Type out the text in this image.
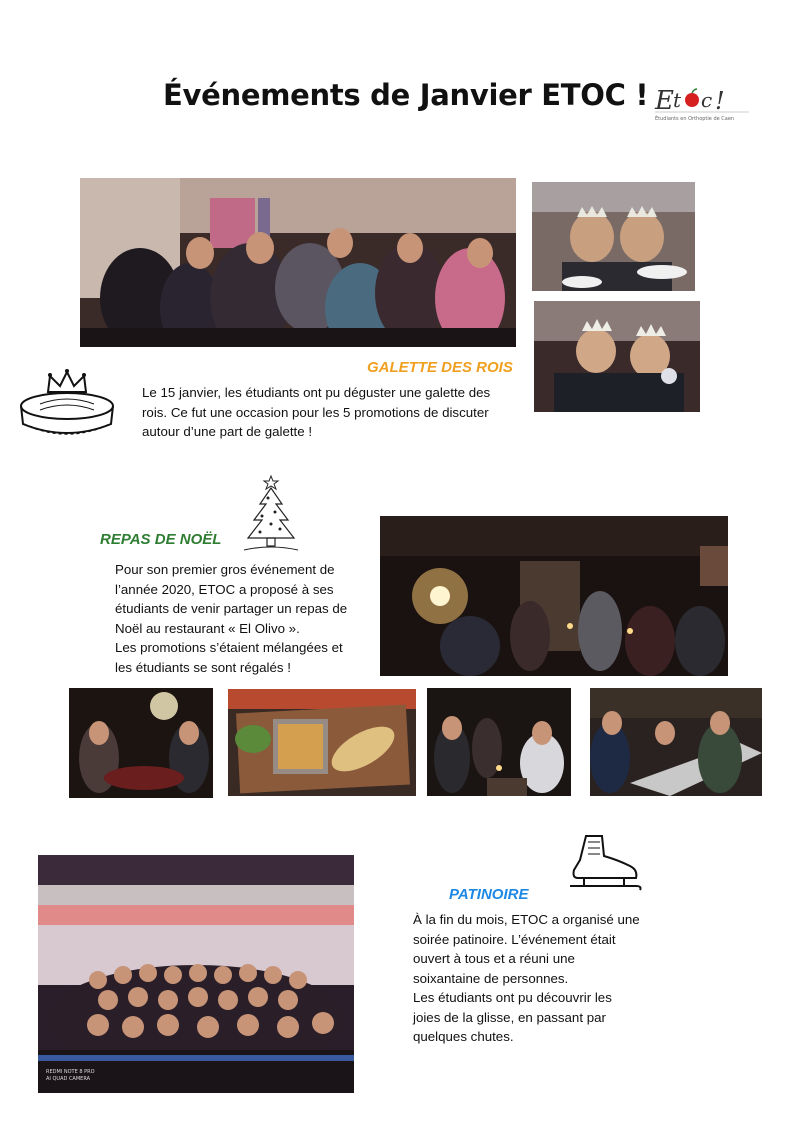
Événements de Janvier ETOC ! E t c !
Étudiants en Orthoptie de Caen
GALETTE DES ROIS

Le 15 janvier, les étudiants ont pu déguster une galette des
rois. Ce fut une occasion pour les 5 promotions de discuter
autour d’une part de galette !

REPAS DE NOËL

Pour son premier gros événement de
l’année 2020, ETOC a proposé à ses
étudiants de venir partager un repas de
Noël au restaurant « El Olivo ».
Les promotions s’étaient mélangées et
les étudiants se sont régalés !

REDMI NOTE 8 PRO
AI QUAD CAMERA
PATINOIRE

À la fin du mois, ETOC a organisé une
soirée patinoire. L’événement était
ouvert à tous et a réuni une
soixantaine de personnes.
Les étudiants ont pu découvrir les
joies de la glisse, en passant par
quelques chutes.
